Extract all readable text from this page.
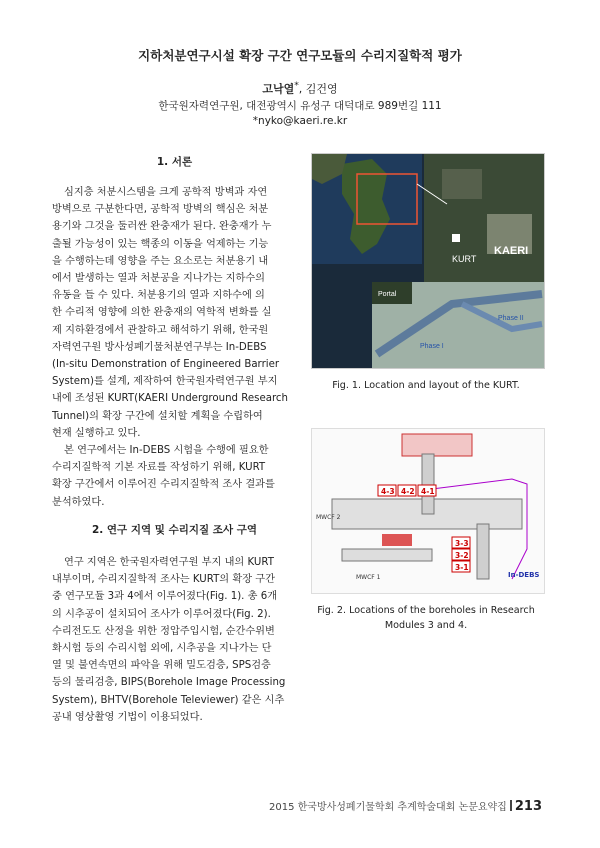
지하처분연구시설 확장 구간 연구모듈의 수리지질학적 평가
고낙열*, 김건영
한국원자력연구원, 대전광역시 유성구 대덕대로 989번길 111
*nyko@kaeri.re.kr
1. 서론
심지층 처분시스템을 크게 공학적 방벽과 자연
방벽으로 구분한다면, 공학적 방벽의 핵심은 처분
용기와 그것을 둘러싼 완충재가 된다. 완충재가 누
출될 가능성이 있는 핵종의 이동을 억제하는 기능
을 수행하는데 영향을 주는 요소로는 처분용기 내
에서 발생하는 열과 처분공을 지나가는 지하수의
유동을 들 수 있다. 처분용기의 열과 지하수에 의
한 수리적 영향에 의한 완충재의 역학적 변화를 실
제 지하환경에서 관찰하고 해석하기 위해, 한국원
자력연구원 방사성폐기물처분연구부는 In-DEBS
(In-situ Demonstration of Engineered Barrier
System)를 설계, 제작하여 한국원자력연구원 부지
내에 조성된 KURT(KAERI Underground Research
Tunnel)의 확장 구간에 설치할 계획을 수립하여
현재 실행하고 있다.
본 연구에서는 In-DEBS 시험을 수행에 필요한
수리지질학적 기본 자료를 작성하기 위해, KURT
확장 구간에서 이루어진 수리지질학적 조사 결과를
분석하였다.
2. 연구 지역 및 수리지질 조사 구역
연구 지역은 한국원자력연구원 부지 내의 KURT
내부이며, 수리지질학적 조사는 KURT의 확장 구간
중 연구모듈 3과 4에서 이루어졌다(Fig. 1). 총 6개
의 시추공이 설치되어 조사가 이루어졌다(Fig. 2).
수리전도도 산정을 위한 정압주입시험, 순간수위변
화시험 등의 수리시험 외에, 시추공을 지나가는 단
열 및 불연속면의 파악을 위해 밀도검층, SPS검층
등의 물리검층, BIPS(Borehole Image Processing
System), BHTV(Borehole Televiewer) 같은 시추
공내 영상촬영 기법이 이용되었다.
KAERI
KURT
Portal
Phase I
Phase II
Fig. 1. Location and layout of the KURT.
4-3 4-2 4-1
3-3
3-2
3-1
In-DEBS
MWCF 2
MWCF 1
Fig. 2. Locations of the boreholes in Research
Modules 3 and 4.
2015 한국방사성폐기물학회 추계학술대회 논문요약집 213
